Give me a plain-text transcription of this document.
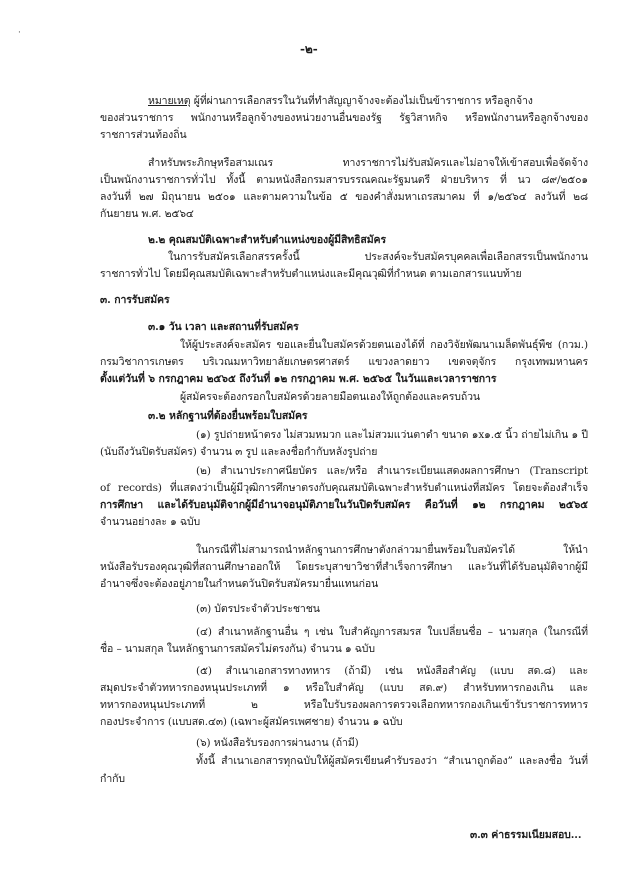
·
-๒-
หมายเหตุ ผู้ที่ผ่านการเลือกสรรในวันที่ทำสัญญาจ้างจะต้องไม่เป็นข้าราชการ หรือลูกจ้าง
ของส่วนราชการ พนักงานหรือลูกจ้างของหน่วยงานอื่นของรัฐ รัฐวิสาหกิจ หรือพนักงานหรือลูกจ้างของ
ราชการส่วนท้องถิ่น
สำหรับพระภิกษุหรือสามเณร ทางราชการไม่รับสมัครและไม่อาจให้เข้าสอบเพื่อจัดจ้าง
เป็นพนักงานราชการทั่วไป ทั้งนี้ ตามหนังสือกรมสารบรรณคณะรัฐมนตรี ฝ่ายบริหาร ที่ นว ๘๙/๒๕๐๑
ลงวันที่ ๒๗ มิถุนายน ๒๕๐๑ และตามความในข้อ ๕ ของคำสั่งมหาเถรสมาคม ที่ ๑/๒๕๖๔ ลงวันที่ ๒๘
กันยายน พ.ศ. ๒๕๖๔
๒.๒ คุณสมบัติเฉพาะสำหรับตำแหน่งของผู้มีสิทธิสมัคร
ในการรับสมัครเลือกสรรครั้งนี้ ประสงค์จะรับสมัครบุคคลเพื่อเลือกสรรเป็นพนักงาน
ราชการทั่วไป โดยมีคุณสมบัติเฉพาะสำหรับตำแหน่งและมีคุณวุฒิที่กำหนด ตามเอกสารแนบท้าย
๓. การรับสมัคร
๓.๑ วัน เวลา และสถานที่รับสมัคร
ให้ผู้ประสงค์จะสมัคร ขอและยื่นใบสมัครด้วยตนเองได้ที่ กองวิจัยพัฒนาเมล็ดพันธุ์พืช (กวม.)
กรมวิชาการเกษตร บริเวณมหาวิทยาลัยเกษตรศาสตร์ แขวงลาดยาว เขตจตุจักร กรุงเทพมหานคร
ตั้งแต่วันที่ ๖ กรกฎาคม ๒๕๖๕ ถึงวันที่ ๑๒ กรกฎาคม พ.ศ. ๒๕๖๕ ในวันและเวลาราชการ
ผู้สมัครจะต้องกรอกใบสมัครด้วยลายมือตนเองให้ถูกต้องและครบถ้วน
๓.๒ หลักฐานที่ต้องยื่นพร้อมใบสมัคร
(๑) รูปถ่ายหน้าตรง ไม่สวมหมวก และไม่สวมแว่นตาดำ ขนาด ๑x๑.๕ นิ้ว ถ่ายไม่เกิน ๑ ปี
(นับถึงวันปิดรับสมัคร) จำนวน ๓ รูป และลงชื่อกำกับหลังรูปถ่าย
(๒) สำเนาประกาศนียบัตร และ/หรือ สำเนาระเบียนแสดงผลการศึกษา (Transcript
of records) ที่แสดงว่าเป็นผู้มีวุฒิการศึกษาตรงกับคุณสมบัติเฉพาะสำหรับตำแหน่งที่สมัคร โดยจะต้องสำเร็จ
การศึกษา และได้รับอนุมัติจากผู้มีอำนาจอนุมัติภายในวันปิดรับสมัคร คือวันที่ ๑๒ กรกฎาคม ๒๕๖๕
จำนวนอย่างละ ๑ ฉบับ
ในกรณีที่ไม่สามารถนำหลักฐานการศึกษาดังกล่าวมายื่นพร้อมใบสมัครได้ ให้นำ
หนังสือรับรองคุณวุฒิที่สถานศึกษาออกให้ โดยระบุสาขาวิชาที่สำเร็จการศึกษา และวันที่ได้รับอนุมัติจากผู้มี
อำนาจซึ่งจะต้องอยู่ภายในกำหนดวันปิดรับสมัครมายื่นแทนก่อน
(๓) บัตรประจำตัวประชาชน
(๔) สำเนาหลักฐานอื่น ๆ เช่น ใบสำคัญการสมรส ใบเปลี่ยนชื่อ – นามสกุล (ในกรณีที่
ชื่อ – นามสกุล ในหลักฐานการสมัครไม่ตรงกัน) จำนวน ๑ ฉบับ
(๕) สำเนาเอกสารทางทหาร (ถ้ามี) เช่น หนังสือสำคัญ (แบบ สด.๘) และ
สมุดประจำตัวทหารกองหนุนประเภทที่ ๑ หรือใบสำคัญ (แบบ สด.๙) สำหรับทหารกองเกิน และ
ทหารกองหนุนประเภทที่ ๒ หรือใบรับรองผลการตรวจเลือกทหารกองเกินเข้ารับราชการทหาร
กองประจำการ (แบบสด.๔๓) (เฉพาะผู้สมัครเพศชาย) จำนวน ๑ ฉบับ
(๖) หนังสือรับรองการผ่านงาน (ถ้ามี)
ทั้งนี้ สำเนาเอกสารทุกฉบับให้ผู้สมัครเขียนคำรับรองว่า “สำเนาถูกต้อง” และลงชื่อ วันที่
กำกับ
๓.๓ ค่าธรรมเนียมสอบ...
